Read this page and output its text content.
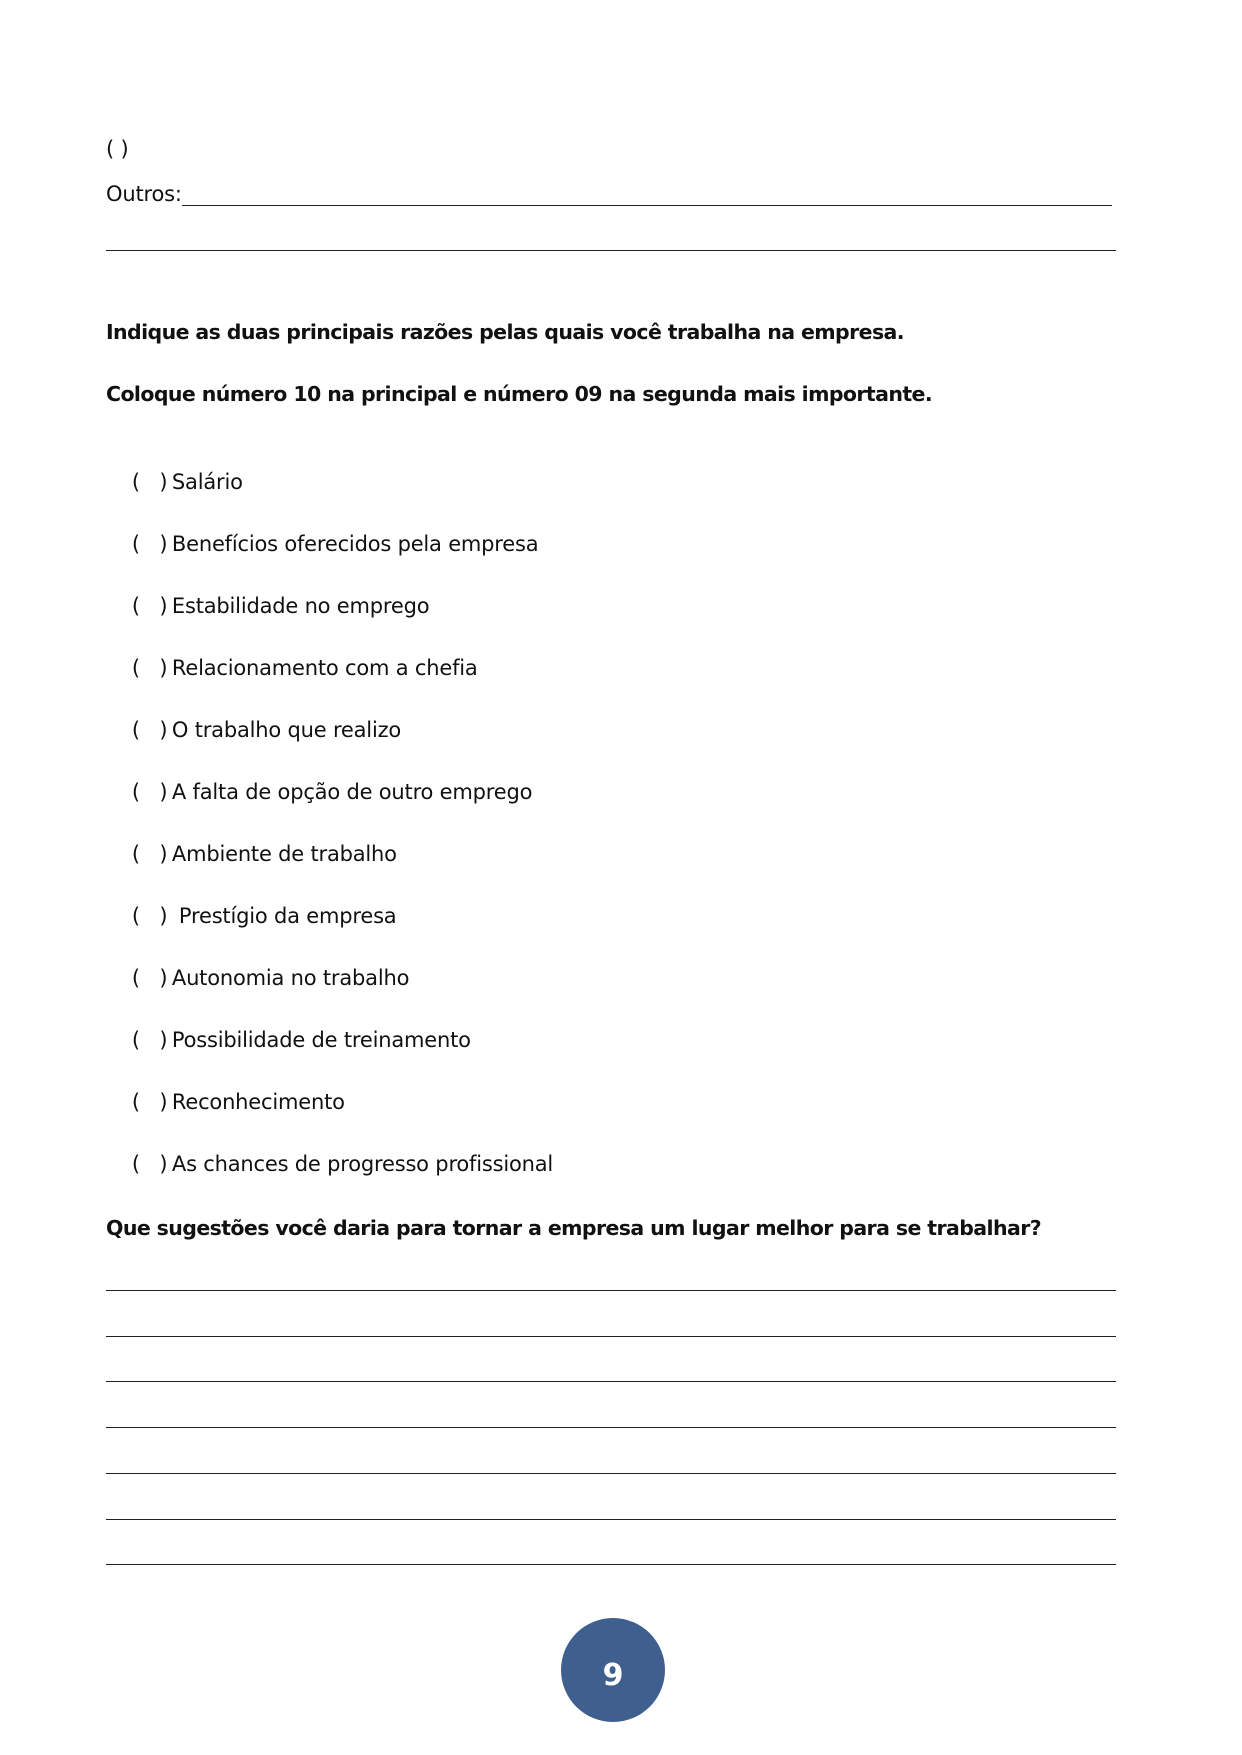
( )
Outros:
Indique as duas principais razões pelas quais você trabalha na empresa.
Coloque número 10 na principal e número 09 na segunda mais importante.

( ) Salário

( ) Benefícios oferecidos pela empresa

( ) Estabilidade no emprego

( ) Relacionamento com a chefia

( ) O trabalho que realizo

( ) A falta de opção de outro emprego

( ) Ambiente de trabalho

( ) Prestígio da empresa

( ) Autonomia no trabalho

( ) Possibilidade de treinamento

( ) Reconhecimento

( ) As chances de progresso profissional

Que sugestões você daria para tornar a empresa um lugar melhor para se trabalhar?
9
